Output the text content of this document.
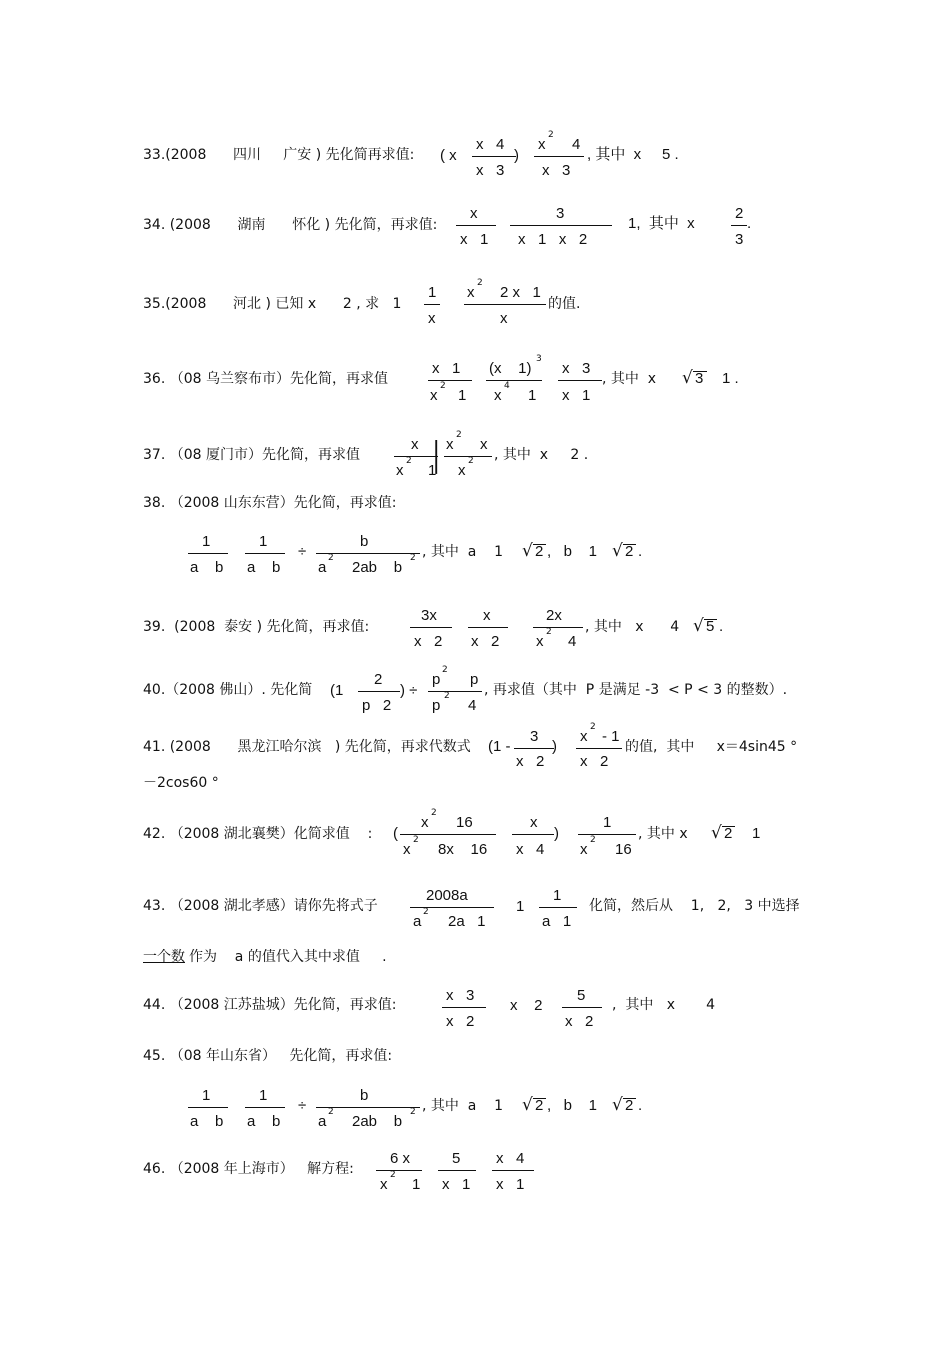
33.(2008      四川     广安 ) 先化简再求值: ( x
x   4
x   3
)
x
2
4
x   3
, 其中  x     5 .
34. (2008      湖南      怀化 ) 先化简，再求值:
x
x   1
3
x   1   x   2
1,  其中  x
2
3
.
35.(2008      河北 ) 已知 x      2 , 求   1
1
x
x
2
2 x   1
x
的值.
36. （08 乌兰察布市）先化简，再求值
x   1
x
2
1
(x    1)
3
x
4
1
x   3
x   1
, 其中  x √ 3 1 .
37. （08 厦门市）先化简，再求值
x
x
2
1
| x
2
x
x
2 , 其中  x     2 .
38. （2008 山东东营）先化简，再求值:
1
a    b
1
a    b
÷
b
a
2
2ab    b
2 , 其中  a    1 √ 2 ,   b    1 √ 2 .
39.  (2008  泰安 ) 先化简，再求值:
3x
x   2
x
x   2
2x
x
2
4
, 其中   x      4 √ 5 .
40.（2008 佛山）. 先化简 (1
2
p   2
) ÷
p
2
p
p
2
4
, 再求值（其中  P 是满足 -3  < P < 3 的整数）.
41. (2008      黑龙江哈尔滨   ) 先化简，再求代数式 (1 -
3
x   2
)
x
2
- 1
x   2
的值,  其中     x＝4sin45 °
－2cos60 °
42. （2008 湖北襄樊）化简求值    : (
x
2
16
x
2
8x    16
x
x   4
)
1
x
2
16
, 其中 x √ 2 1
43. （2008 湖北孝感）请你先将式子
2008a
a
2
2a   1
1
1
a   1
化简，然后从    1,   2,   3 中选择
一个数 作为    a 的值代入其中求值     .
44. （2008 江苏盐城）先化简，再求值:
x   3
x   2
x    2
5
x   2
,  其中   x       4
45. （08 年山东省）   先化简，再求值:
1
a    b
1
a    b
÷
b
a
2
2ab    b
2 , 其中  a    1 √ 2 ,   b    1 √ 2 .
46. （2008 年上海市）   解方程:
6 x
x
2
1
5
x   1
x   4
x   1
